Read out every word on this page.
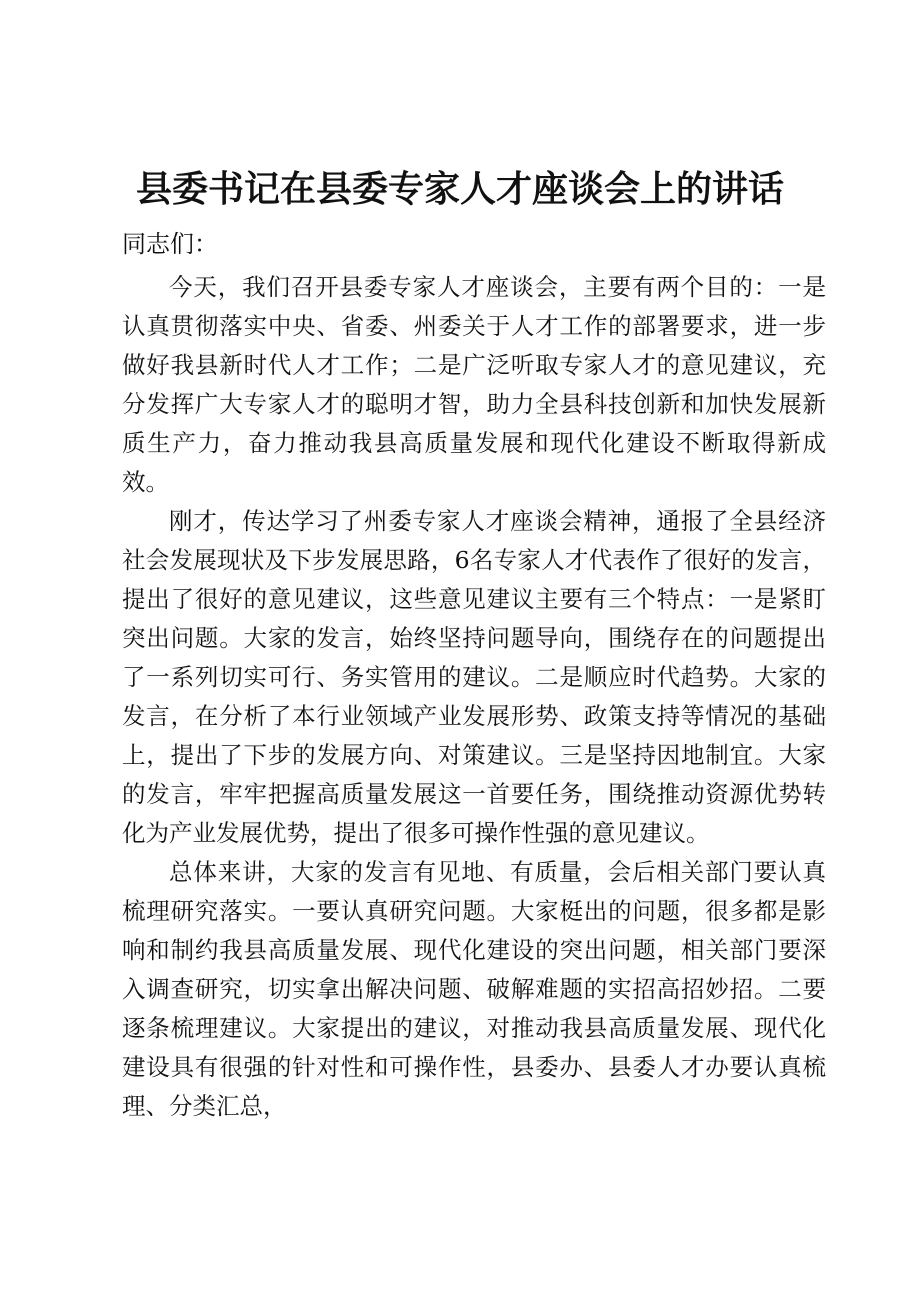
县委书记在县委专家人才座谈会上的讲话
同志们：

今天，我们召开县委专家人才座谈会，主要有两个目的：一是认真贯彻落实中央、省委、州委关于人才工作的部署要求，进一步做好我县新时代人才工作；二是广泛听取专家人才的意见建议，充分发挥广大专家人才的聪明才智，助力全县科技创新和加快发展新质生产力，奋力推动我县高质量发展和现代化建设不断取得新成效。

刚才，传达学习了州委专家人才座谈会精神，通报了全县经济社会发展现状及下步发展思路，6名专家人才代表作了很好的发言，提出了很好的意见建议，这些意见建议主要有三个特点：一是紧盯突出问题。大家的发言，始终坚持问题导向，围绕存在的问题提出了一系列切实可行、务实管用的建议。二是顺应时代趋势。大家的发言，在分析了本行业领域产业发展形势、政策支持等情况的基础上，提出了下步的发展方向、对策建议。三是坚持因地制宜。大家的发言，牢牢把握高质量发展这一首要任务，围绕推动资源优势转化为产业发展优势，提出了很多可操作性强的意见建议。

总体来讲，大家的发言有见地、有质量，会后相关部门要认真梳理研究落实。一要认真研究问题。大家梃出的问题，很多都是影响和制约我县高质量发展、现代化建设的突出问题，相关部门要深入调查研究，切实拿出解决问题、破解难题的实招高招妙招。二要逐条梳理建议。大家提出的建议，对推动我县高质量发展、现代化建设具有很强的针对性和可操作性，县委办、县委人才办要认真梳理、分类汇总，
